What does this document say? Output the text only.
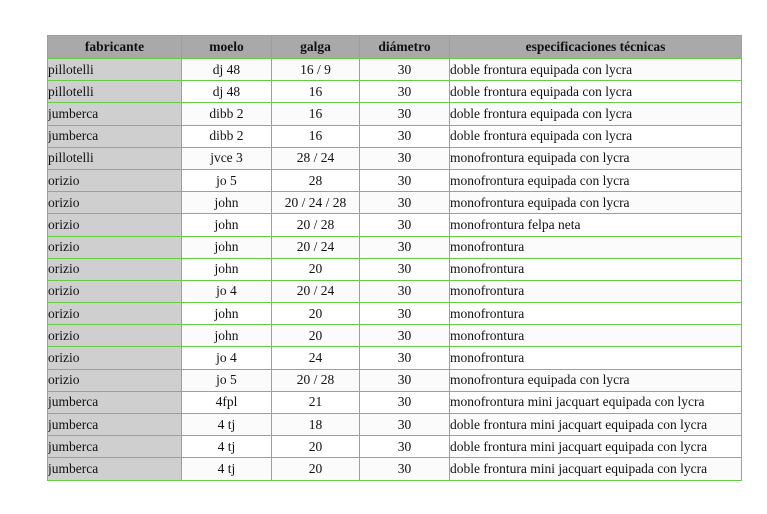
fabricante	moelo	galga	diámetro	especificaciones técnicas
pillotelli	dj 48	16 / 9	30	doble frontura equipada con lycra
pillotelli	dj 48	16	30	doble frontura equipada con lycra
jumberca	dibb 2	16	30	doble frontura equipada con lycra
jumberca	dibb 2	16	30	doble frontura equipada con lycra
pillotelli	jvce 3	28 / 24	30	monofrontura equipada con lycra
orizio	jo 5	28	30	monofrontura equipada con lycra
orizio	john	20 / 24 / 28	30	monofrontura equipada con lycra
orizio	john	20 / 28	30	monofrontura felpa neta
orizio	john	20 / 24	30	monofrontura
orizio	john	20	30	monofrontura
orizio	jo 4	20 / 24	30	monofrontura
orizio	john	20	30	monofrontura
orizio	john	20	30	monofrontura
orizio	jo 4	24	30	monofrontura
orizio	jo 5	20 / 28	30	monofrontura equipada con lycra
jumberca	4fpl	21	30	monofrontura mini jacquart equipada con lycra
jumberca	4 tj	18	30	doble frontura mini jacquart equipada con lycra
jumberca	4 tj	20	30	doble frontura mini jacquart equipada con lycra
jumberca	4 tj	20	30	doble frontura mini jacquart equipada con lycra
